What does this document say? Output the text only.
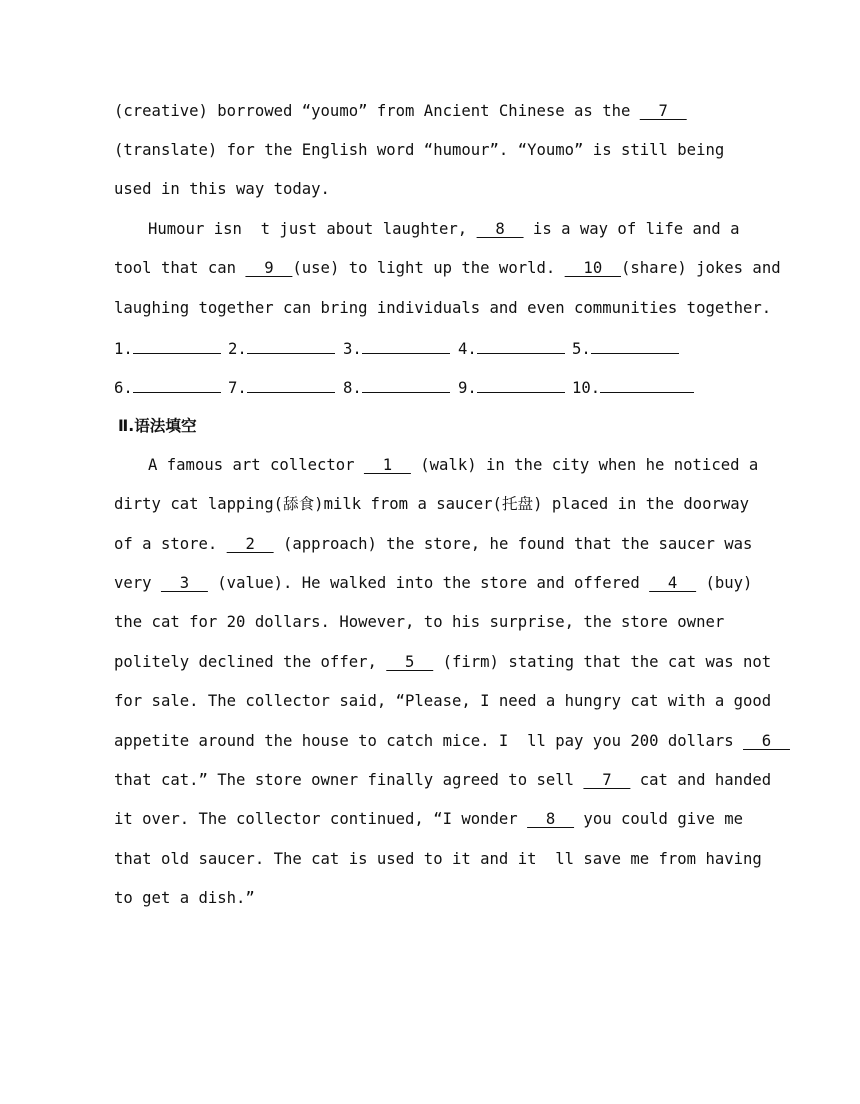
(creative) borrowed “youmo” from Ancient Chinese as the   7
(translate) for the English word “humour”. “Youmo” is still being
used in this way today.
Humour isn  t just about laughter,   8   is a way of life and a
tool that can   9  (use) to light up the world.   10  (share) jokes and
laughing together can bring individuals and even communities together.

1.

	2.

	3.

	4.

	5.

6.

	7.

	8.

	9.

	10.

Ⅱ.语法填空
A famous art collector   1   (walk) in the city when he noticed a
dirty cat lapping(舔食)milk from a saucer(托盘) placed in the doorway
of a store.   2   (approach) the store, he found that the saucer was
very   3   (value). He walked into the store and offered   4   (buy)
the cat for 20 dollars. However, to his surprise, the store owner
politely declined the offer,   5   (firm) stating that the cat was not
for sale. The collector said, “Please, I need a hungry cat with a good
appetite around the house to catch mice. I  ll pay you 200 dollars   6
that cat.” The store owner finally agreed to sell   7   cat and handed
it over. The collector continued, “I wonder   8   you could give me
that old saucer. The cat is used to it and it  ll save me from having
to get a dish.”
